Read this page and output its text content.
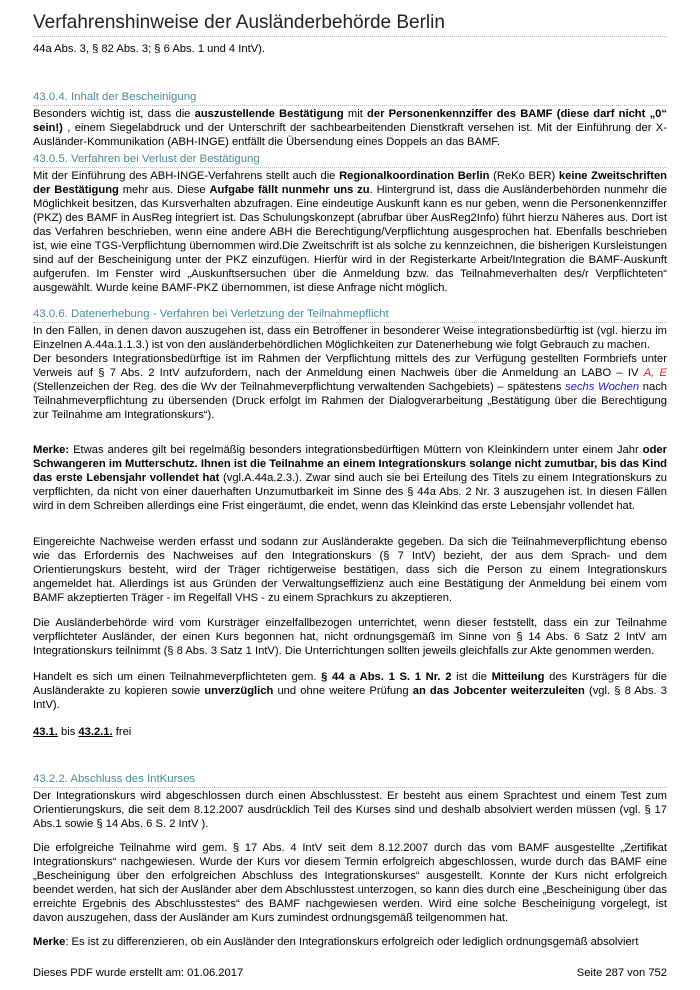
Verfahrenshinweise der Ausländerbehörde Berlin

44a Abs. 3, § 82 Abs. 3; § 6 Abs. 1 und 4 IntV).

43.0.4. Inhalt der Bescheinigung

Besonders wichtig ist, dass die auszustellende Bestätigung mit der Personenkennziffer des BAMF (diese darf nicht „0“ sein!) , einem Siegelabdruck und der Unterschrift der sachbearbeitenden Dienstkraft versehen ist. Mit der Einführung der X-Ausländer-Kommunikation (ABH-INGE) entfällt die Übersendung eines Doppels an das BAMF.

43.0.5. Verfahren bei Verlust der Bestätigung

Mit der Einführung des ABH-INGE-Verfahrens stellt auch die Regionalkoordination Berlin (ReKo BER) keine Zweitschriften der Bestätigung mehr aus. Diese Aufgabe fällt nunmehr uns zu. Hintergrund ist, dass die Ausländerbehörden nunmehr die Möglichkeit besitzen, das Kursverhalten abzufragen. Eine eindeutige Auskunft kann es nur geben, wenn die Personenkennziffer (PKZ) des BAMF in AusReg integriert ist. Das Schulungskonzept (abrufbar über AusReg2Info) führt hierzu Näheres aus. Dort ist das Verfahren beschrieben, wenn eine andere ABH die Berechtigung/Verpflichtung ausgesprochen hat. Ebenfalls beschrieben ist, wie eine TGS-Verpflichtung übernommen wird.Die Zweitschrift ist als solche zu kennzeichnen, die bisherigen Kursleistungen sind auf der Bescheinigung unter der PKZ einzufügen. Hierfür wird in der Registerkarte Arbeit/Integration die BAMF-Auskunft aufgerufen. Im Fenster wird „Auskunftsersuchen über die Anmeldung bzw. das Teilnahmeverhalten des/r Verpflichteten“ ausgewählt. Wurde keine BAMF-PKZ übernommen, ist diese Anfrage nicht möglich.

43.0.6. Datenerhebung - Verfahren bei Verletzung der Teilnahmepflicht

In den Fällen, in denen davon auszugehen ist, dass ein Betroffener in besonderer Weise integrationsbedürftig ist (vgl. hierzu im Einzelnen A.44a.1.1.3.) ist von den ausländerbehördlichen Möglichkeiten zur Datenerhebung wie folgt Gebrauch zu machen.

Der besonders Integrationsbedürftige ist im Rahmen der Verpflichtung mittels des zur Verfügung gestellten Formbriefs unter Verweis auf § 7 Abs. 2 IntV aufzufordern, nach der Anmeldung einen Nachweis über die Anmeldung an LABO – IV A, E (Stellenzeichen der Reg. des die Wv der Teilnahmeverpflichtung verwaltenden Sachgebiets) – spätestens sechs Wochen nach Teilnahmeverpflichtung zu übersenden (Druck erfolgt im Rahmen der Dialogverarbeitung „Bestätigung über die Berechtigung zur Teilnahme am Integrationskurs“).

Merke: Etwas anderes gilt bei regelmäßig besonders integrationsbedürftigen Müttern von Kleinkindern unter einem Jahr oder Schwangeren im Mutterschutz. Ihnen ist die Teilnahme an einem Integrationskurs solange nicht zumutbar, bis das Kind das erste Lebensjahr vollendet hat (vgl.A.44a.2.3.). Zwar sind auch sie bei Erteilung des Titels zu einem Integrationskurs zu verpflichten, da nicht von einer dauerhaften Unzumutbarkeit im Sinne des § 44a Abs. 2 Nr. 3 auszugehen ist. In diesen Fällen wird in dem Schreiben allerdings eine Frist eingeräumt, die endet, wenn das Kleinkind das erste Lebensjahr vollendet hat.

Eingereichte Nachweise werden erfasst und sodann zur Ausländerakte gegeben. Da sich die Teilnahmeverpflichtung ebenso wie das Erfordernis des Nachweises auf den Integrationskurs (§ 7 IntV) bezieht, der aus dem Sprach- und dem Orientierungskurs besteht, wird der Träger richtigerweise bestätigen, dass sich die Person zu einem Integrationskurs angemeldet hat. Allerdings ist aus Gründen der Verwaltungseffizienz auch eine Bestätigung der Anmeldung bei einem vom BAMF akzeptierten Träger - im Regelfall VHS - zu einem Sprachkurs zu akzeptieren.

Die Ausländerbehörde wird vom Kursträger einzelfallbezogen unterrichtet, wenn dieser feststellt, dass ein zur Teilnahme verpflichteter Ausländer, der einen Kurs begonnen hat, nicht ordnungsgemäß im Sinne von § 14 Abs. 6 Satz 2 IntV am Integrationskurs teilnimmt (§ 8 Abs. 3 Satz 1 IntV). Die Unterrichtungen sollten jeweils gleichfalls zur Akte genommen werden.

Handelt es sich um einen Teilnahmeverpflichteten gem. § 44 a Abs. 1 S. 1 Nr. 2 ist die Mitteilung des Kursträgers für die Ausländerakte zu kopieren sowie unverzüglich und ohne weitere Prüfung an das Jobcenter weiterzuleiten (vgl. § 8 Abs. 3 IntV).

43.1. bis 43.2.1. frei

43.2.2. Abschluss des IntKurses

Der Integrationskurs wird abgeschlossen durch einen Abschlusstest. Er besteht aus einem Sprachtest und einem Test zum Orientierungskurs, die seit dem 8.12.2007 ausdrücklich Teil des Kurses sind und deshalb absolviert werden müssen (vgl. § 17 Abs.1 sowie § 14 Abs. 6 S. 2 IntV ).

Die erfolgreiche Teilnahme wird gem. § 17 Abs. 4 IntV seit dem 8.12.2007 durch das vom BAMF ausgestellte „Zertifikat Integrationskurs“ nachgewiesen. Wurde der Kurs vor diesem Termin erfolgreich abgeschlossen, wurde durch das BAMF eine „Bescheinigung über den erfolgreichen Abschluss des Integrationskurses“ ausgestellt. Konnte der Kurs nicht erfolgreich beendet werden, hat sich der Ausländer aber dem Abschlusstest unterzogen, so kann dies durch eine „Bescheinigung über das erreichte Ergebnis des Abschlusstestes“ des BAMF nachgewiesen werden. Wird eine solche Bescheinigung vorgelegt, ist davon auszugehen, dass der Ausländer am Kurs zumindest ordnungsgemäß teilgenommen hat.

Merke: Es ist zu differenzieren, ob ein Ausländer den Integrationskurs erfolgreich oder lediglich ordnungsgemäß absolviert

Dieses PDF wurde erstellt am: 01.06.2017	Seite 287 von 752
